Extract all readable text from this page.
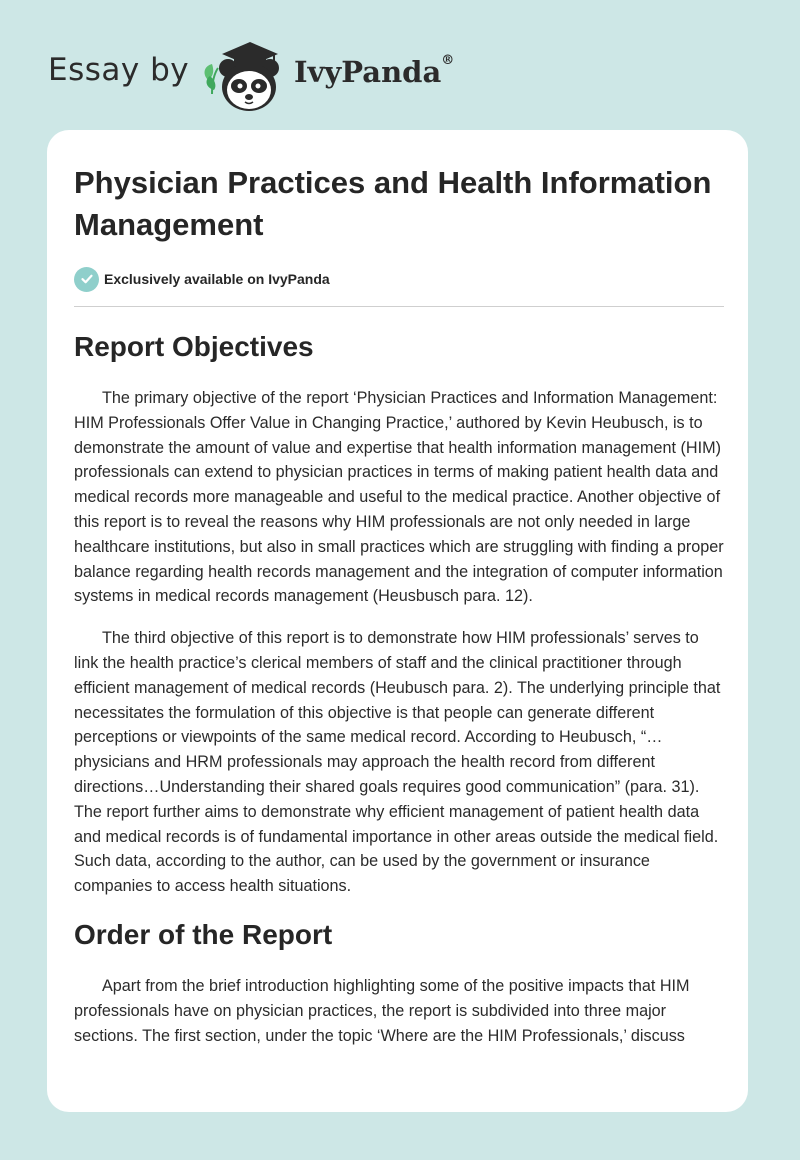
Essay by	IvyPanda®
Physician Practices and Health Information Management
Exclusively available on IvyPanda
Report Objectives

The primary objective of the report ‘Physician Practices and Information Management: HIM Professionals Offer Value in Changing Practice,’ authored by Kevin Heubusch, is to demonstrate the amount of value and expertise that health information management (HIM) professionals can extend to physician practices in terms of making patient health data and medical records more manageable and useful to the medical practice. Another objective of this report is to reveal the reasons why HIM professionals are not only needed in large healthcare institutions, but also in small practices which are struggling with finding a proper balance regarding health records management and the integration of computer information systems in medical records management (Heusbusch para. 12).

The third objective of this report is to demonstrate how HIM professionals’ serves to link the health practice’s clerical members of staff and the clinical practitioner through efficient management of medical records (Heubusch para. 2). The underlying principle that necessitates the formulation of this objective is that people can generate different perceptions or viewpoints of the same medical record. According to Heubusch, “…physicians and HRM professionals may approach the health record from different directions…Understanding their shared goals requires good communication” (para. 31). The report further aims to demonstrate why efficient management of patient health data and medical records is of fundamental importance in other areas outside the medical field. Such data, according to the author, can be used by the government or insurance companies to access health situations.

Order of the Report

Apart from the brief introduction highlighting some of the positive impacts that HIM professionals have on physician practices, the report is subdivided into three major sections. The first section, under the topic ‘Where are the HIM Professionals,’ discuss
